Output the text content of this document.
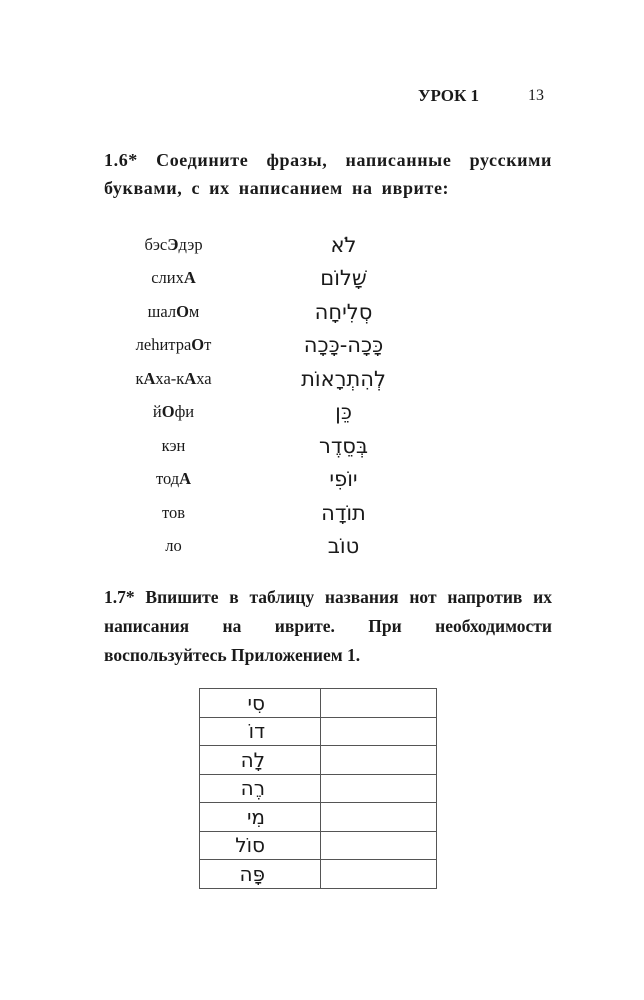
УРОК 1	13
1.6* Соедините фразы, написанные русскими буквами, с их написанием на иврите:
бэсЭдэр	לֹא
слихА	שָׁלוֹם
шалОм	סְלִיחָה
леhитраОт	כָּכָה-כָּכָה
кАха-кАха	לְהִתְרָאוֹת
йОфи	כֵּן
кэн	בְּסֵדֶר
тодА	יוֹפִי
тов	תוֹדָה
ло	טוֹב
1.7* Впишите в таблицу названия нот напротив их написания на иврите. При необходимости воспользуйтесь Приложением 1.
סִי	
דוֹ	
לָה	
רֶה	
מִי	
סוֹל	
פָּה	
